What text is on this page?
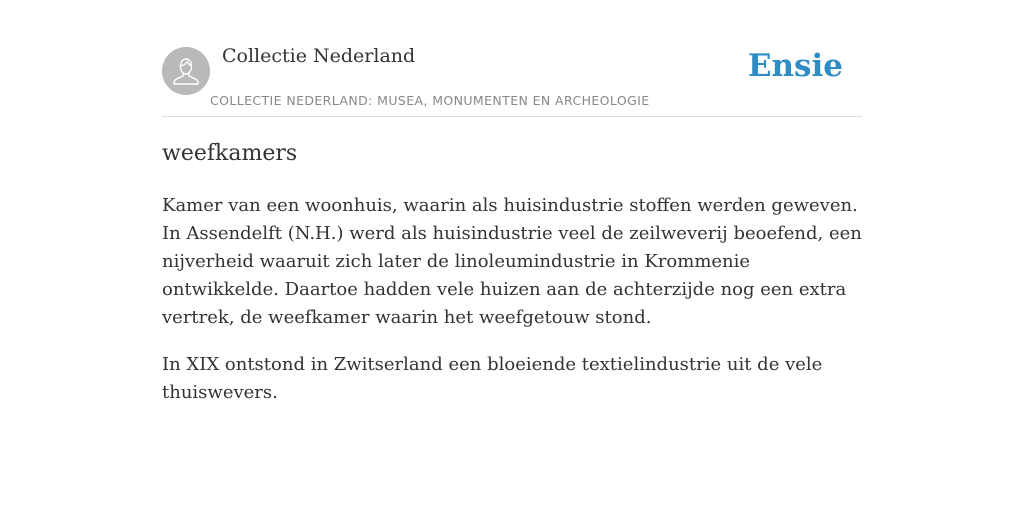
Collectie Nederland
COLLECTIE NEDERLAND: MUSEA, MONUMENTEN EN ARCHEOLOGIE
Ensie
weefkamers

Kamer van een woonhuis, waarin als huisindustrie stoffen werden geweven. In Assendelft (N.H.) werd als huisindustrie veel de zeilweverij beoefend, een nijverheid waaruit zich later de linoleumindustrie in Krommenie ontwikkelde. Daartoe hadden vele huizen aan de achterzijde nog een extra vertrek, de weefkamer waarin het weefgetouw stond.

In XIX ontstond in Zwitserland een bloeiende textielindustrie uit de vele thuiswevers.
